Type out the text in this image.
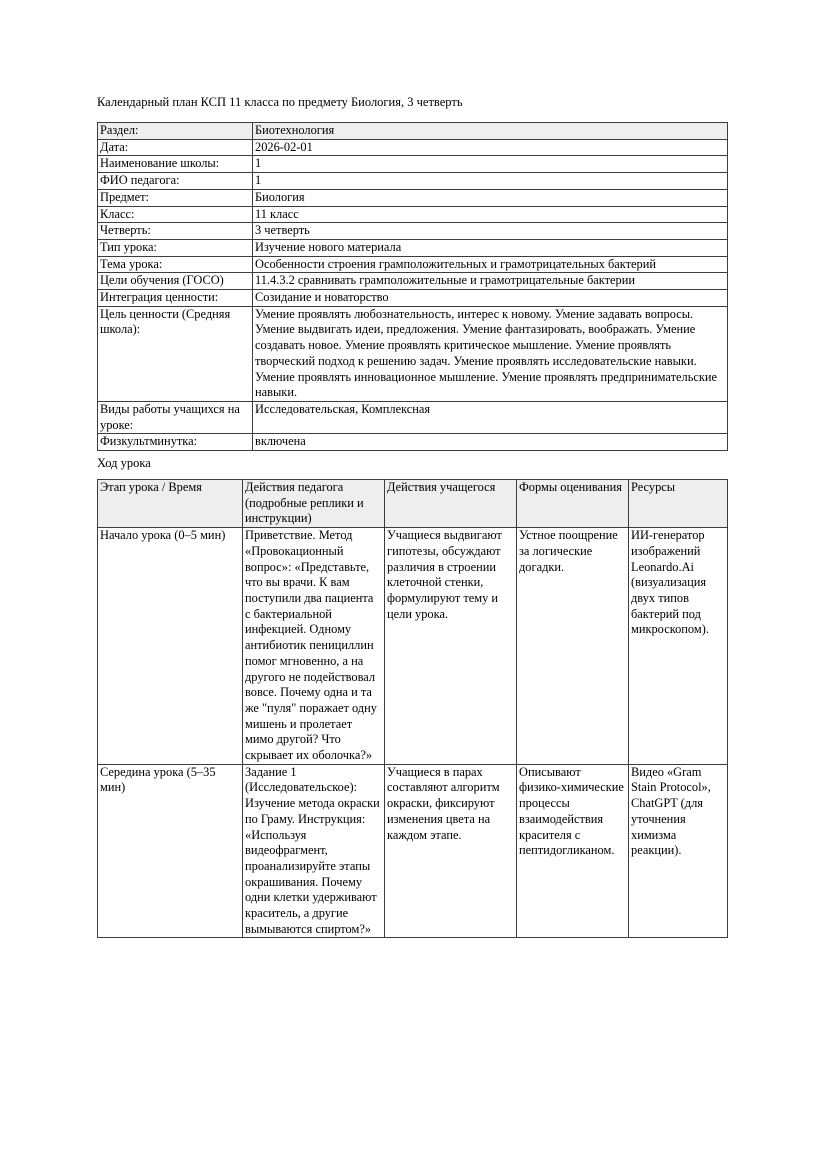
Календарный план КСП 11 класса по предмету Биология, 3 четверть
Раздел:	Биотехнология
Дата:	2026-02-01
Наименование школы:	1
ФИО педагога:	1
Предмет:	Биология
Класс:	11 класс
Четверть:	3 четверть
Тип урока:	Изучение нового материала
Тема урока:	Особенности строения грамположительных и грамотрицательных бактерий
Цели обучения (ГОСО)	11.4.3.2 сравнивать грамположительные и грамотрицательные бактерии
Интеграция ценности:	Созидание и новаторство
Цель ценности (Средняя школа):	Умение проявлять любознательность, интерес к новому. Умение задавать вопросы. Умение выдвигать идеи, предложения. Умение фантазировать, воображать. Умение создавать новое. Умение проявлять критическое мышление. Умение проявлять творческий подход к решению задач. Умение проявлять исследовательские навыки. Умение проявлять инновационное мышление. Умение проявлять предпринимательские навыки.
Виды работы учащихся на уроке:	Исследовательская, Комплексная
Физкультминутка:	включена
Ход урока
Этап урока / Время	Действия педагога (подробные реплики и инструкции)	Действия учащегося	Формы оценивания	Ресурсы
Начало урока (0–5 мин)	Приветствие. Метод «Провокационный вопрос»: «Представьте, что вы врачи. К вам поступили два пациента с бактериальной инфекцией. Одному антибиотик пенициллин помог мгновенно, а на другого не подействовал вовсе. Почему одна и та же "пуля" поражает одну мишень и пролетает мимо другой? Что скрывает их оболочка?»	Учащиеся выдвигают гипотезы, обсуждают различия в строении клеточной стенки, формулируют тему и цели урока.	Устное поощрение за логические догадки.	ИИ-генератор изображений Leonardo.Ai (визуализация двух типов бактерий под микроскопом).
Середина урока (5–35 мин)	Задание 1 (Исследовательское): Изучение метода окраски по Граму. Инструкция: «Используя видеофрагмент, проанализируйте этапы окрашивания. Почему одни клетки удерживают краситель, а другие вымываются спиртом?»	Учащиеся в парах составляют алгоритм окраски, фиксируют изменения цвета на каждом этапе.	Описывают физико-химические процессы взаимодействия красителя с пептидогликаном.	Видео «Gram Stain Protocol», ChatGPT (для уточнения химизма реакции).
